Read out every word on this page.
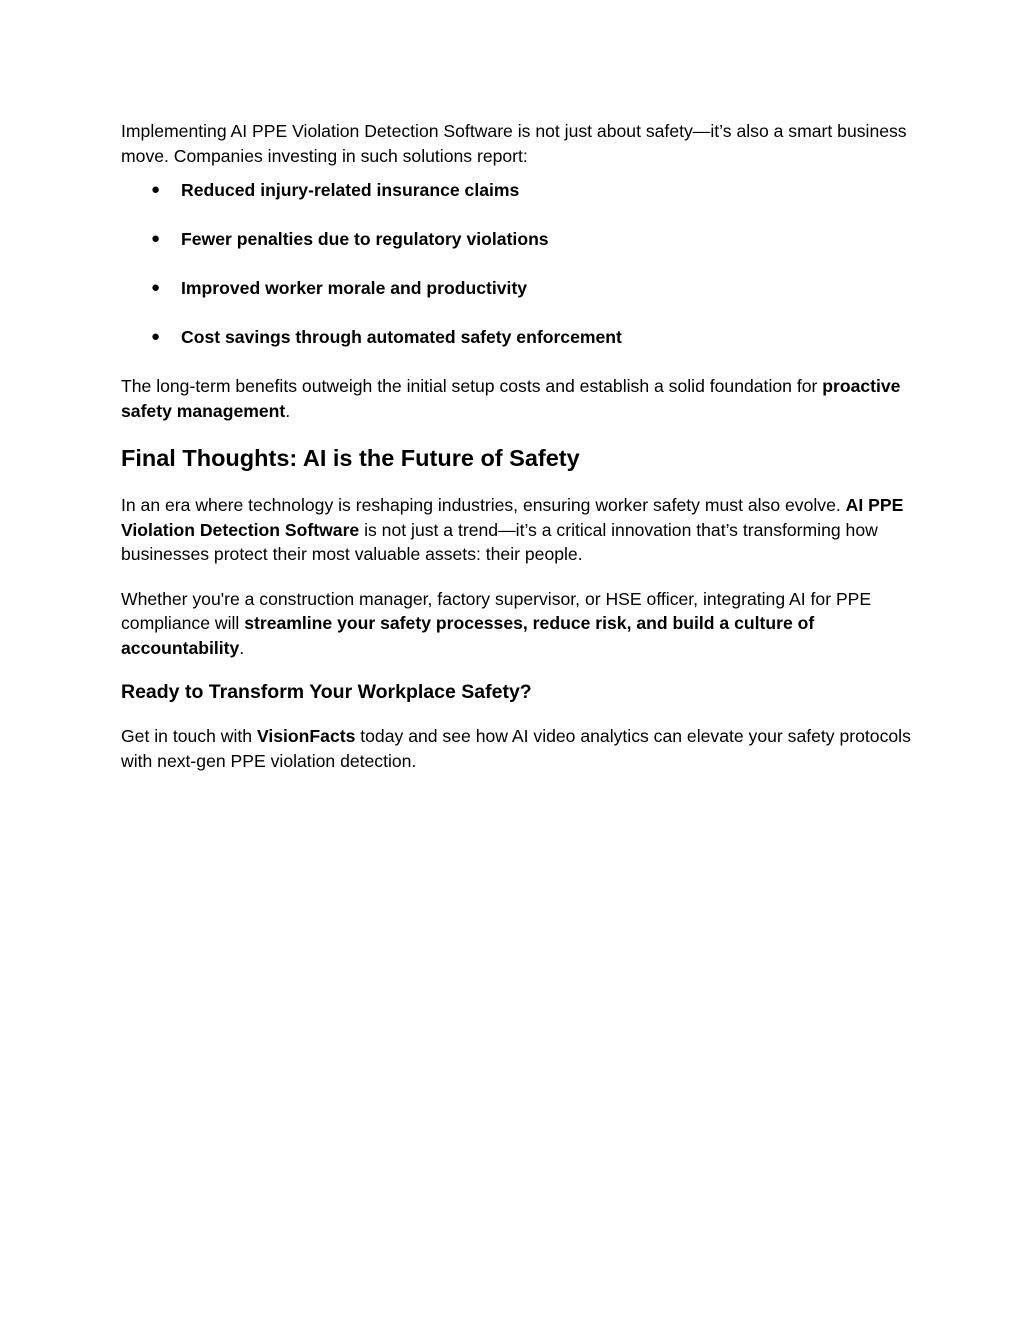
Implementing AI PPE Violation Detection Software is not just about safety—it’s also a smart business move. Companies investing in such solutions report:

● Reduced injury-related insurance claims
● Fewer penalties due to regulatory violations
● Improved worker morale and productivity
● Cost savings through automated safety enforcement

The long-term benefits outweigh the initial setup costs and establish a solid foundation for proactive safety management.

Final Thoughts: AI is the Future of Safety

In an era where technology is reshaping industries, ensuring worker safety must also evolve. AI PPE Violation Detection Software is not just a trend—it’s a critical innovation that’s transforming how businesses protect their most valuable assets: their people.

Whether you're a construction manager, factory supervisor, or HSE officer, integrating AI for PPE compliance will streamline your safety processes, reduce risk, and build a culture of accountability.

Ready to Transform Your Workplace Safety?

Get in touch with VisionFacts today and see how AI video analytics can elevate your safety protocols with next-gen PPE violation detection.
